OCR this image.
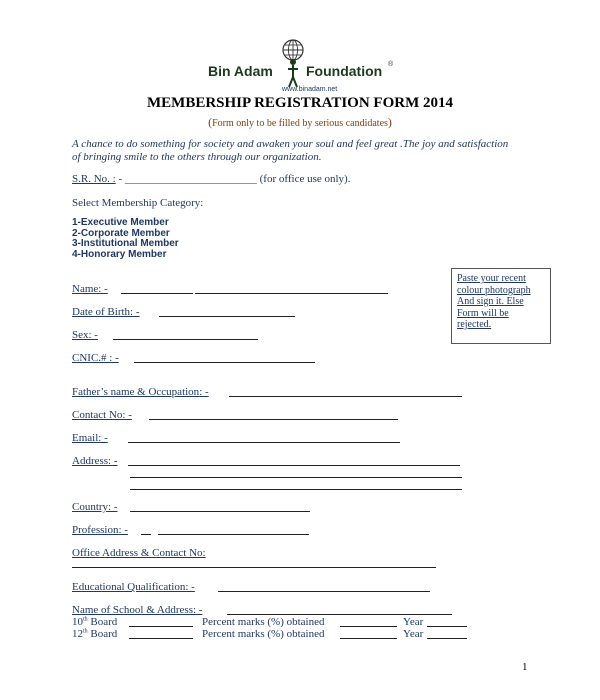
Bin Adam Foundation ®
www.binadam.net
MEMBERSHIP REGISTRATION FORM 2014
(Form only to be filled by serious candidates)
A chance to do something for society and awaken your soul and feel great .The joy and satisfaction of bringing smile to the others through our organization.
S.R. No. : - ________________________ (for office use only).
Select Membership Category:
1-Executive Member
2-Corporate Member
3-Institutional Member
4-Honorary Member
Paste your recent
colour photograph
And sign it. Else
Form will be
rejected.
Name: -
Date of Birth: -
Sex: -
CNIC.# : -
Father’s name & Occupation: -
Contact No: -
Email: -
Address: -
Country: -
Profession: -
Office Address & Contact No:
Educational Qualification: -
Name of School & Address: -
10th Board	Percent marks (%) obtained	Year
12th Board	Percent marks (%) obtained	Year
1
